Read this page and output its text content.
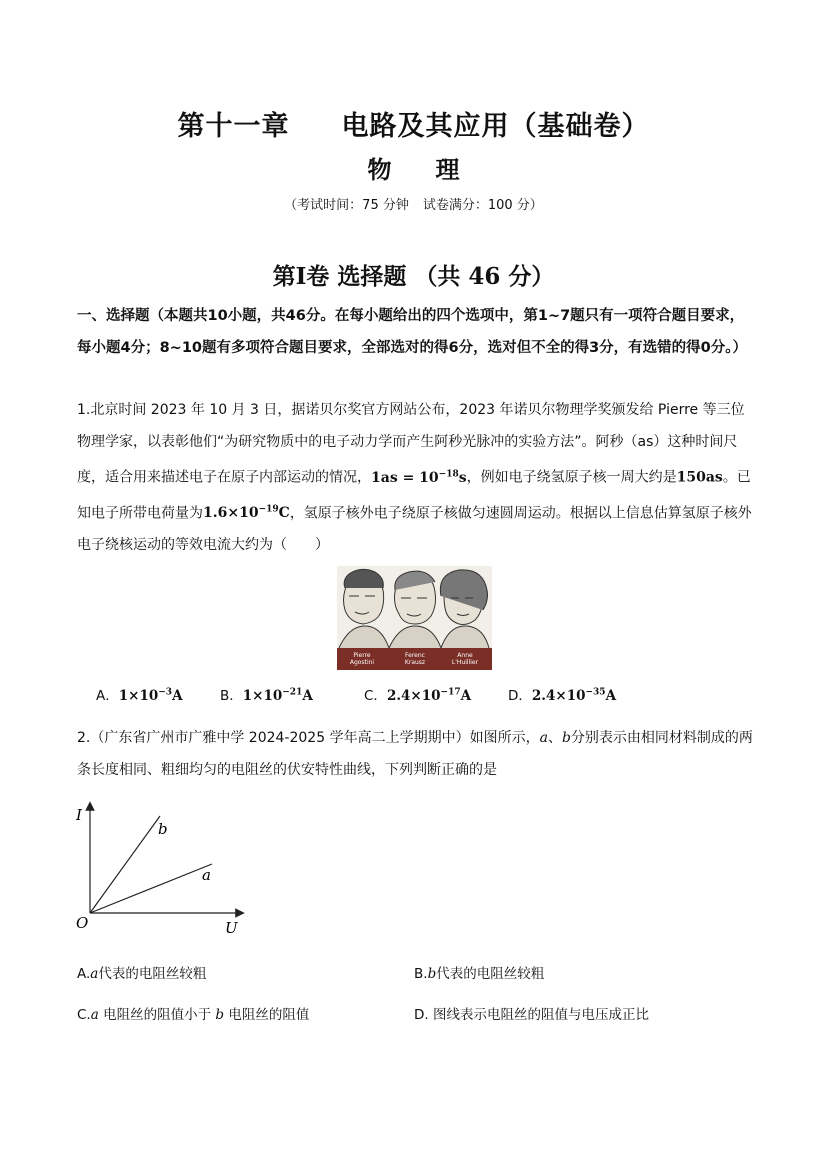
第十一章 电路及其应用（基础卷）
物 理
（考试时间：75 分钟 试卷满分：100 分）
第Ⅰ卷 选择题 （共 46 分）
一、选择题（本题共10小题，共46分。在每小题给出的四个选项中，第1~7题只有一项符合题目要求，每小题4分；8~10题有多项符合题目要求，全部选对的得6分，选对但不全的得3分，有选错的得0分。）
1.北京时间 2023 年 10 月 3 日，据诺贝尔奖官方网站公布，2023 年诺贝尔物理学奖颁发给 Pierre 等三位物理学家，以表彰他们“为研究物质中的电子动力学而产生阿秒光脉冲的实验方法”。阿秒（as）这种时间尺度，适合用来描述电子在原子内部运动的情况，$1as = 10^{-18}s$，例如电子绕氢原子核一周大约是150as。已知电子所带电荷量为$1.6\times 10^{-19}C$，氢原子核外电子绕原子核做匀速圆周运动。根据以上信息估算氢原子核外电子绕核运动的等效电流大约为（　　）
Pierre Agostini
Ferenc Krausz
Anne L'Huillier
A．$1\times 10^{-3}A$	B．$1\times 10^{-21}A$	C．$2.4\times 10^{-17}A$	D．$2.4\times 10^{-35}A$
2.（广东省广州市广雅中学 2024-2025 学年高二上学期期中）如图所示，a、b分别表示由相同材料制成的两条长度相同、粗细均匀的电阻丝的伏安特性曲线，下列判断正确的是
I
U
O
b
a
A.a代表的电阻丝较粗	B.b代表的电阻丝较粗
C.a 电阻丝的阻值小于 b 电阻丝的阻值	D. 图线表示电阻丝的阻值与电压成正比
